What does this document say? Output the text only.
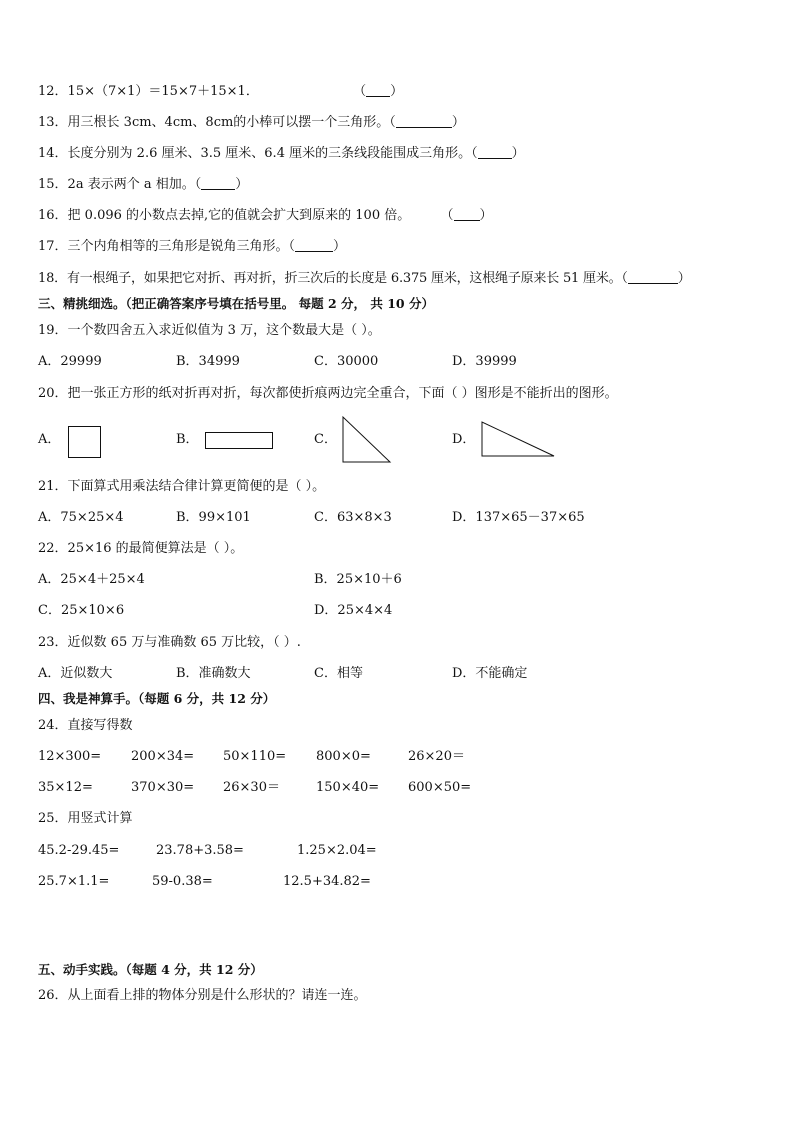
12．15×（7×1）＝15×7＋15×1．	（ ）
13．用三根长 3cm、4cm、8cm的小棒可以摆一个三角形。（	）
14．长度分别为 2.6 厘米、3.5 厘米、6.4 厘米的三条线段能围成三角形。（	）
15．2a 表示两个 a 相加。（	）
16．把 0.096 的小数点去掉,它的值就会扩大到原来的 100 倍。 （ ）
17．三个内角相等的三角形是锐角三角形。（	）
18．有一根绳子，如果把它对折、再对折，折三次后的长度是 6.375 厘米，这根绳子原来长 51 厘米。（	）
三、精挑细选。（把正确答案序号填在括号里。 每题 2 分， 共 10 分）
19．一个数四舍五入求近似值为 3 万，这个数最大是（ ）。
A．29999	B．34999	C．30000	D．39999
20．把一张正方形的纸对折再对折，每次都使折痕两边完全重合，下面（ ）图形是不能折出的图形。
A．	B．	C．	D．
21．下面算式用乘法结合律计算更简便的是（ ）。
A．75×25×4	B．99×101	C．63×8×3	D．137×65－37×65
22．25×16 的最简便算法是（ ）。
A．25×4＋25×4	B．25×10＋6
C．25×10×6	D．25×4×4
23．近似数 65 万与准确数 65 万比较，（ ）.
A．近似数大	B．准确数大	C．相等	D．不能确定
四、我是神算手。（每题 6 分，共 12 分）
24．直接写得数
12×300= 200×34= 50×110= 800×0=	26×20＝
35×12=	370×30= 26×30＝	150×40= 600×50=
25．用竖式计算
45.2-29.45=	23.78+3.58=	1.25×2.04=
25.7×1.1=	59-0.38=	12.5+34.82=
五、动手实践。（每题 4 分，共 12 分）
26．从上面看上排的物体分别是什么形状的？请连一连。
